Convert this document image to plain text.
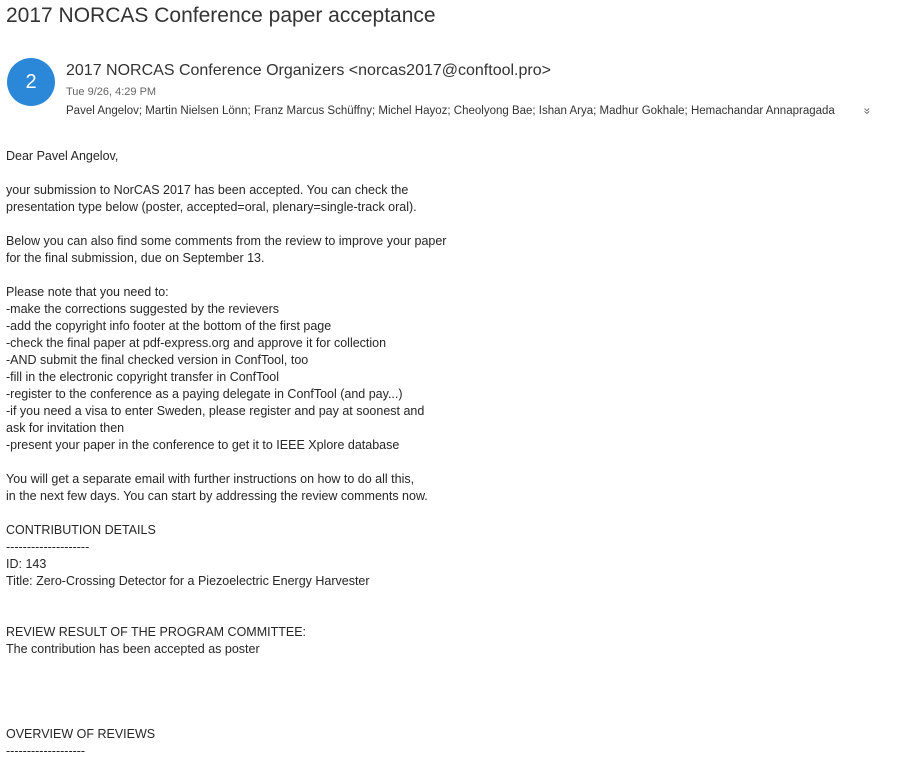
2017 NORCAS Conference paper acceptance
2	2017 NORCAS Conference Organizers <norcas2017@conftool.pro>
Tue 9/26, 4:29 PM
Pavel Angelov; Martin Nielsen Lönn; Franz Marcus Schüffny; Michel Hayoz; Cheolyong Bae; Ishan Arya; Madhur Gokhale; Hemachandar Annapragada »
Dear Pavel Angelov,
your submission to NorCAS 2017 has been accepted. You can check the
presentation type below (poster, accepted=oral, plenary=single-track oral).
Below you can also find some comments from the review to improve your paper
for the final submission, due on September 13.
Please note that you need to:
-make the corrections suggested by the revievers
-add the copyright info footer at the bottom of the first page
-check the final paper at pdf-express.org and approve it for collection
-AND submit the final checked version in ConfTool, too
-fill in the electronic copyright transfer in ConfTool
-register to the conference as a paying delegate in ConfTool (and pay...)
-if you need a visa to enter Sweden, please register and pay at soonest and
ask for invitation then
-present your paper in the conference to get it to IEEE Xplore database
You will get a separate email with further instructions on how to do all this,
in the next few days. You can start by addressing the review comments now.
CONTRIBUTION DETAILS
--------------------
ID: 143
Title: Zero-Crossing Detector for a Piezoelectric Energy Harvester
REVIEW RESULT OF THE PROGRAM COMMITTEE:
The contribution has been accepted as poster
OVERVIEW OF REVIEWS
-------------------
